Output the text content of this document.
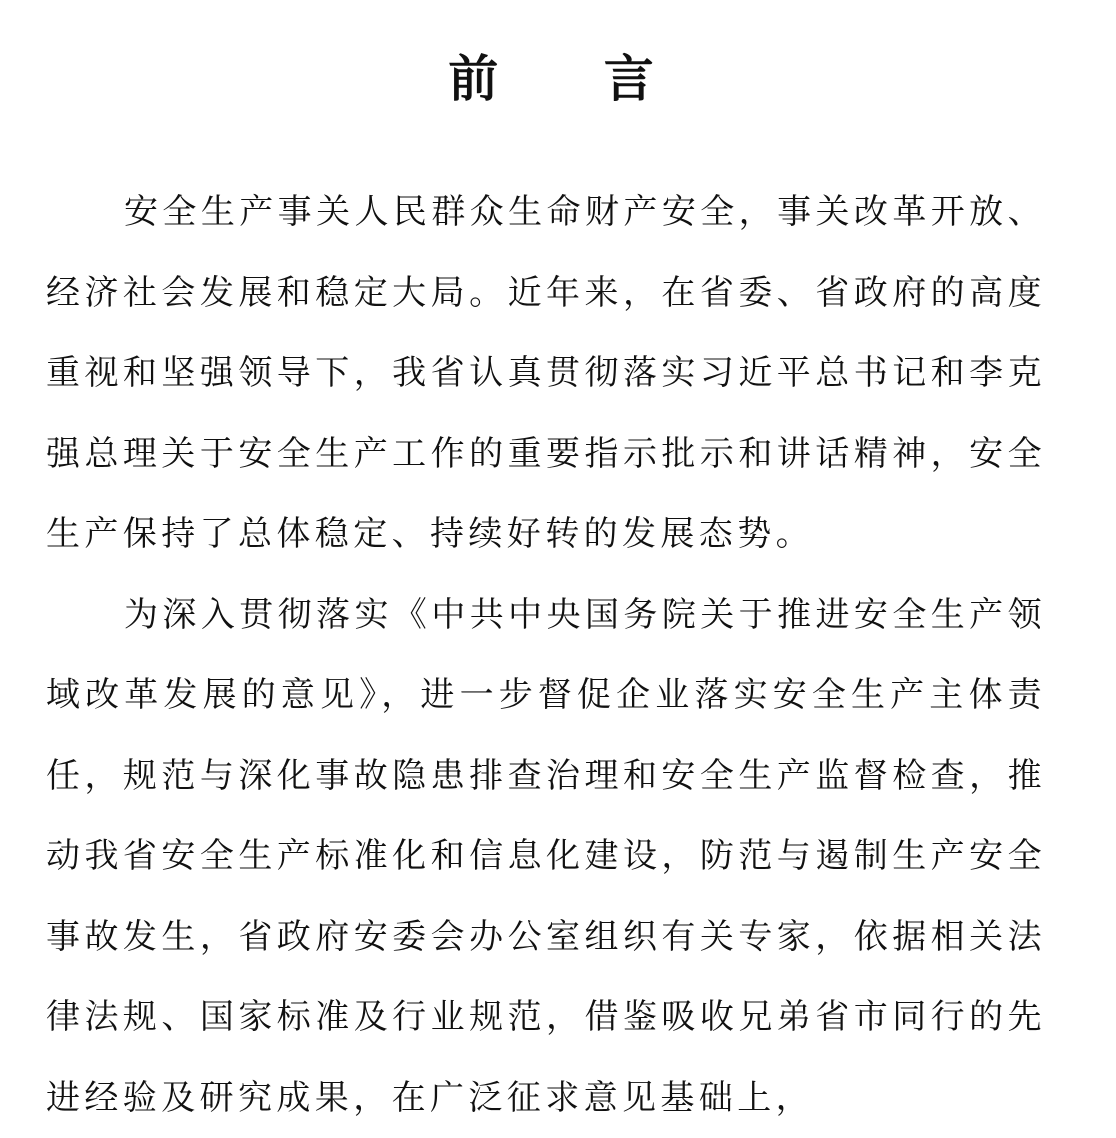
前 言

安全生产事关人民群众生命财产安全，事关改革开放、经济社会发展和稳定大局。近年来，在省委、省政府的高度重视和坚强领导下，我省认真贯彻落实习近平总书记和李克强总理关于安全生产工作的重要指示批示和讲话精神，安全生产保持了总体稳定、持续好转的发展态势。

为深入贯彻落实《中共中央国务院关于推进安全生产领域改革发展的意见》，进一步督促企业落实安全生产主体责任，规范与深化事故隐患排查治理和安全生产监督检查，推动我省安全生产标准化和信息化建设，防范与遏制生产安全事故发生，省政府安委会办公室组织有关专家，依据相关法律法规、国家标准及行业规范，借鉴吸收兄弟省市同行的先进经验及研究成果，在广泛征求意见基础上，
